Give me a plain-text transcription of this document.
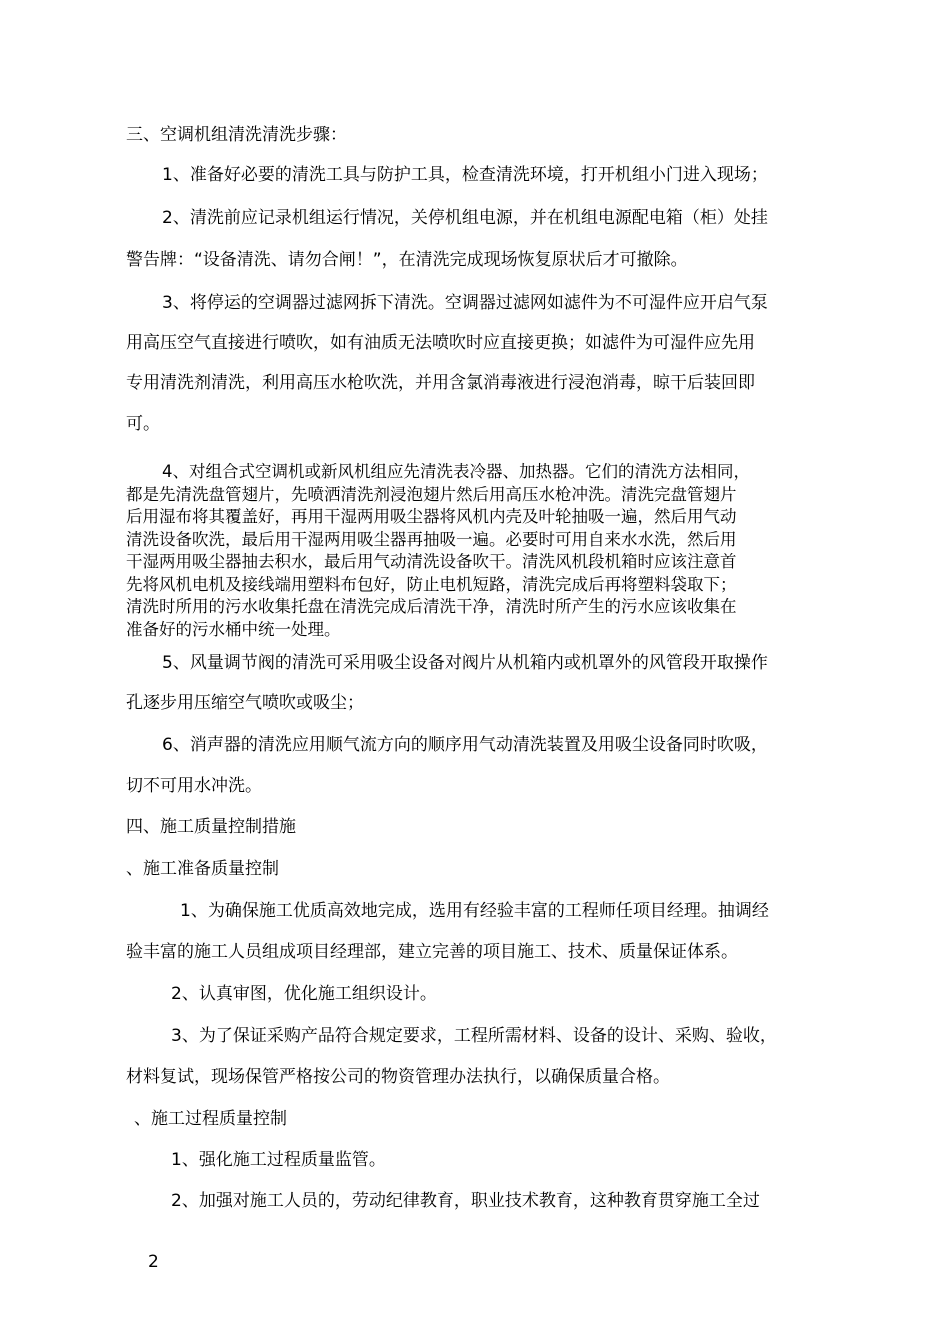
三、空调机组清洗清洗步骤：
1、准备好必要的清洗工具与防护工具，检查清洗环境，打开机组小门进入现场；
2、清洗前应记录机组运行情况，关停机组电源，并在机组电源配电箱（柜）处挂
警告牌：“设备清洗、请勿合闸！”，在清洗完成现场恢复原状后才可撤除。
3、将停运的空调器过滤网拆下清洗。空调器过滤网如滤件为不可湿件应开启气泵
用高压空气直接进行喷吹，如有油质无法喷吹时应直接更换；如滤件为可湿件应先用
专用清洗剂清洗，利用高压水枪吹洗，并用含氯消毒液进行浸泡消毒，晾干后装回即
可。
4、对组合式空调机或新风机组应先清洗表冷器、加热器。它们的清洗方法相同，
都是先清洗盘管翅片，先喷洒清洗剂浸泡翅片然后用高压水枪冲洗。清洗完盘管翅片
后用湿布将其覆盖好，再用干湿两用吸尘器将风机内壳及叶轮抽吸一遍，然后用气动
清洗设备吹洗，最后用干湿两用吸尘器再抽吸一遍。必要时可用自来水水洗，然后用
干湿两用吸尘器抽去积水，最后用气动清洗设备吹干。清洗风机段机箱时应该注意首
先将风机电机及接线端用塑料布包好，防止电机短路，清洗完成后再将塑料袋取下；
清洗时所用的污水收集托盘在清洗完成后清洗干净，清洗时所产生的污水应该收集在
准备好的污水桶中统一处理。
5、风量调节阀的清洗可采用吸尘设备对阀片从机箱内或机罩外的风管段开取操作
孔逐步用压缩空气喷吹或吸尘；
6、消声器的清洗应用顺气流方向的顺序用气动清洗装置及用吸尘设备同时吹吸，
切不可用水冲洗。
四、施工质量控制措施
、施工准备质量控制
1、为确保施工优质高效地完成，选用有经验丰富的工程师任项目经理。抽调经
验丰富的施工人员组成项目经理部，建立完善的项目施工、技术、质量保证体系。
2、认真审图，优化施工组织设计。
3、为了保证采购产品符合规定要求，工程所需材料、设备的设计、采购、验收，
材料复试，现场保管严格按公司的物资管理办法执行，以确保质量合格。
、施工过程质量控制
1、强化施工过程质量监管。
2、加强对施工人员的，劳动纪律教育，职业技术教育，这种教育贯穿施工全过
2
